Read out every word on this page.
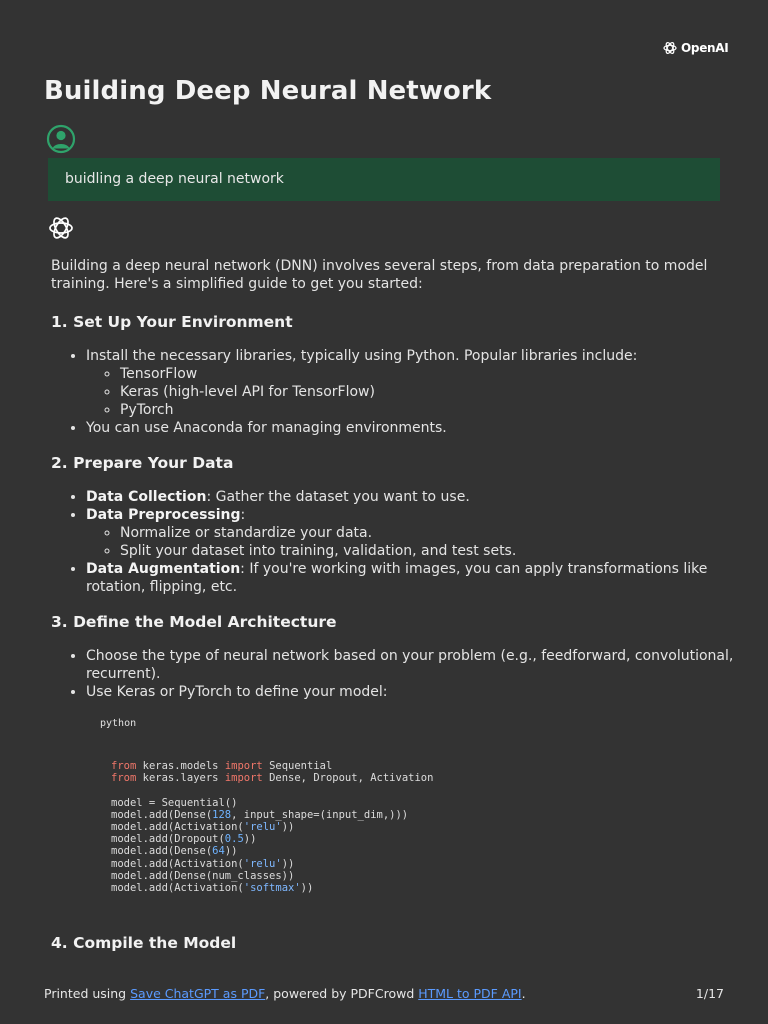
OpenAI
Building Deep Neural Network
buidling a deep neural network

Building a deep neural network (DNN) involves several steps, from data preparation to model training. Here's a simplified guide to get you started:

1. Set Up Your Environment
• Install the necessary libraries, typically using Python. Popular libraries include:
◦ TensorFlow
◦ Keras (high-level API for TensorFlow)
◦ PyTorch
• You can use Anaconda for managing environments.
2. Prepare Your Data
• Data Collection: Gather the dataset you want to use.
• Data Preprocessing:
◦ Normalize or standardize your data.
◦ Split your dataset into training, validation, and test sets.
• Data Augmentation: If you're working with images, you can apply transformations like rotation, flipping, etc.
3. Define the Model Architecture
• Choose the type of neural network based on your problem (e.g., feedforward, convolutional, recurrent).
• Use Keras or PyTorch to define your model:
python
from keras.models import Sequential
from keras.layers import Dense, Dropout, Activation

model = Sequential()
model.add(Dense(128, input_shape=(input_dim,)))
model.add(Activation('relu'))
model.add(Dropout(0.5))
model.add(Dense(64))
model.add(Activation('relu'))
model.add(Dense(num_classes))
model.add(Activation('softmax'))
4. Compile the Model
Printed using Save ChatGPT as PDF, powered by PDFCrowd HTML to PDF API.	1/17
